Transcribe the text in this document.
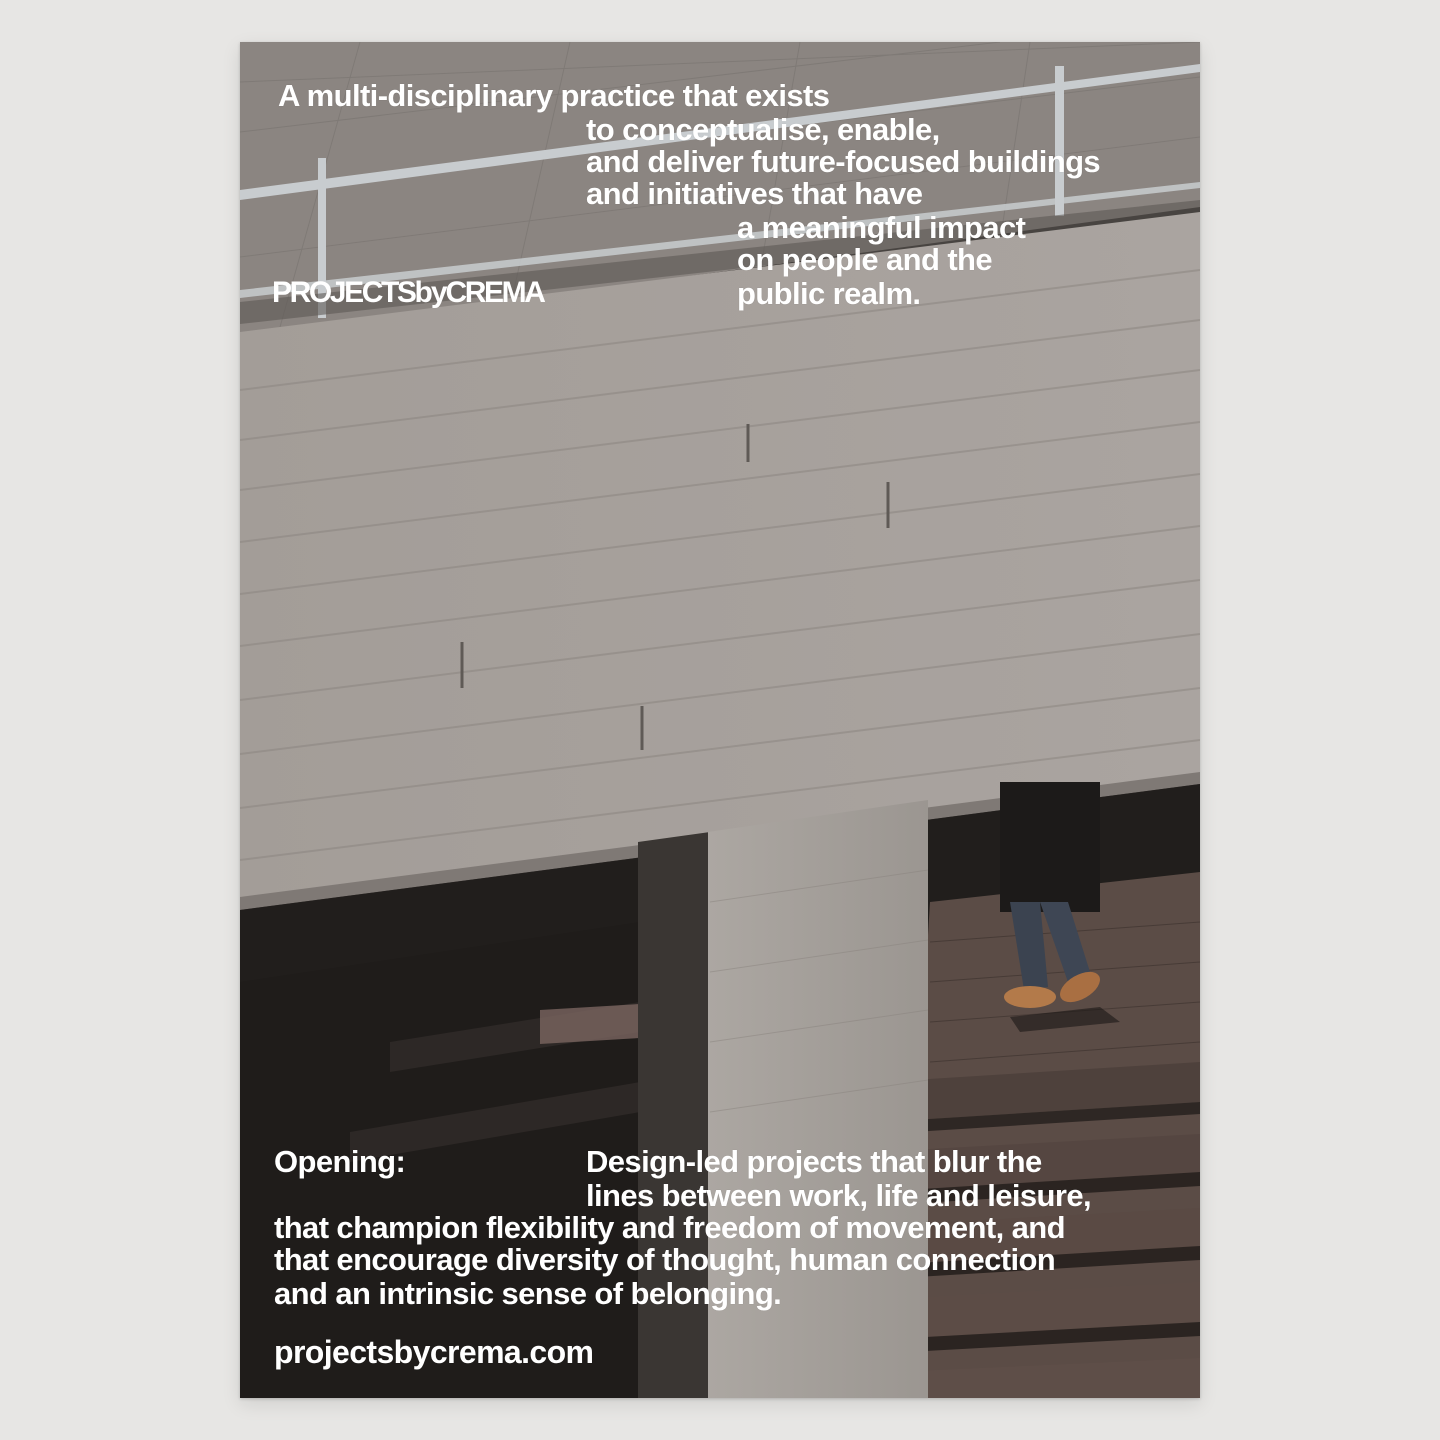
A multi-disciplinary practice that exists
to conceptualise, enable,
and deliver future-focused buildings
and initiatives that have
a meaningful impact
on people and the
public realm.
PROJECTSbyCREMA
Opening:	Design-led projects that blur the
lines between work, life and leisure,
that champion flexibility and freedom of movement, and
that encourage diversity of thought, human connection
and an intrinsic sense of belonging.
projectsbycrema.com
